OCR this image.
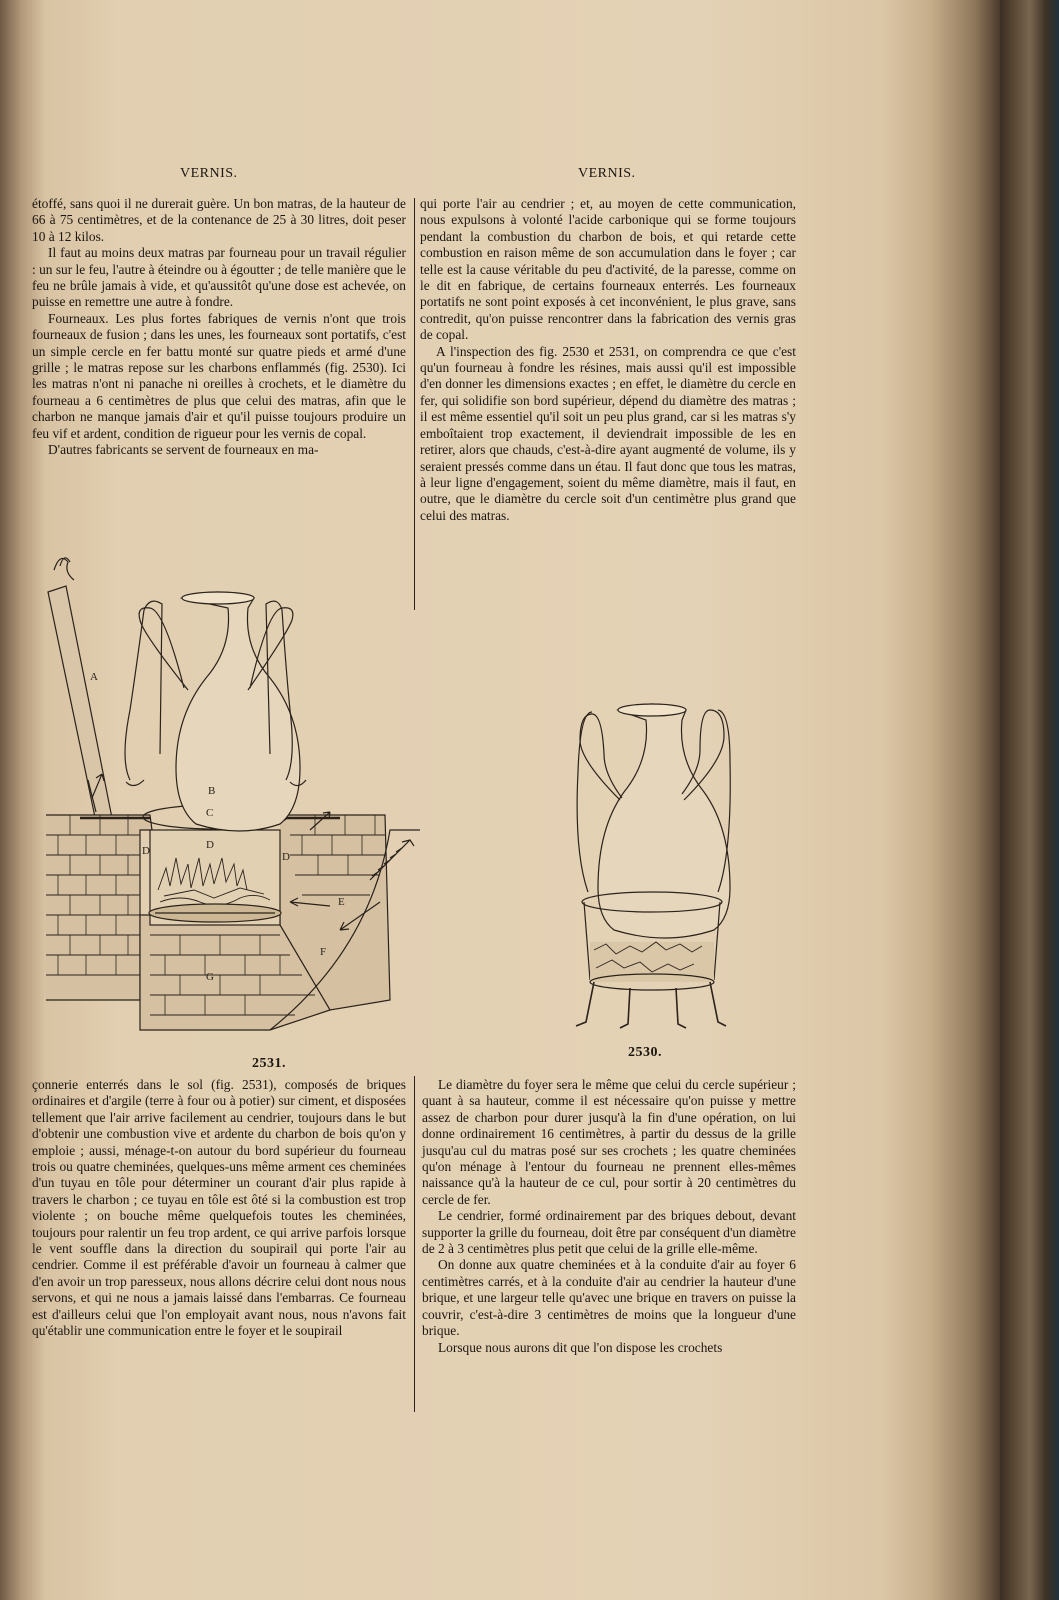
VERNIS.	VERNIS.

étoffé, sans quoi il ne durerait guère. Un bon matras, de la hauteur de 66 à 75 centimètres, et de la contenance de 25 à 30 litres, doit peser 10 à 12 kilos.

Il faut au moins deux matras par fourneau pour un travail régulier : un sur le feu, l'autre à éteindre ou à égoutter ; de telle manière que le feu ne brûle jamais à vide, et qu'aussitôt qu'une dose est achevée, on puisse en remettre une autre à fondre.

Fourneaux. Les plus fortes fabriques de vernis n'ont que trois fourneaux de fusion ; dans les unes, les fourneaux sont portatifs, c'est un simple cercle en fer battu monté sur quatre pieds et armé d'une grille ; le matras repose sur les charbons enflammés (fig. 2530). Ici les matras n'ont ni panache ni oreilles à crochets, et le diamètre du fourneau a 6 centimètres de plus que celui des matras, afin que le charbon ne manque jamais d'air et qu'il puisse toujours produire un feu vif et ardent, condition de rigueur pour les vernis de copal.

D'autres fabricants se servent de fourneaux en ma-

qui porte l'air au cendrier ; et, au moyen de cette communication, nous expulsons à volonté l'acide carbonique qui se forme toujours pendant la combustion du charbon de bois, et qui retarde cette combustion en raison même de son accumulation dans le foyer ; car telle est la cause véritable du peu d'activité, de la paresse, comme on le dit en fabrique, de certains fourneaux enterrés. Les fourneaux portatifs ne sont point exposés à cet inconvénient, le plus grave, sans contredit, qu'on puisse rencontrer dans la fabrication des vernis gras de copal.

A l'inspection des fig. 2530 et 2531, on comprendra ce que c'est qu'un fourneau à fondre les résines, mais aussi qu'il est impossible d'en donner les dimensions exactes ; en effet, le diamètre du cercle en fer, qui solidifie son bord supérieur, dépend du diamètre des matras ; il est même essentiel qu'il soit un peu plus grand, car si les matras s'y emboîtaient trop exactement, il deviendrait impossible de les en retirer, alors que chauds, c'est-à-dire ayant augmenté de volume, ils y seraient pressés comme dans un étau. Il faut donc que tous les matras, à leur ligne d'engagement, soient du même diamètre, mais il faut, en outre, que le diamètre du cercle soit d'un centimètre plus grand que celui des matras.

A
B
C
D	D
D
E
F
G
2531.
2530.

çonnerie enterrés dans le sol (fig. 2531), composés de briques ordinaires et d'argile (terre à four ou à potier) sur ciment, et disposées tellement que l'air arrive facilement au cendrier, toujours dans le but d'obtenir une combustion vive et ardente du charbon de bois qu'on y emploie ; aussi, ménage-t-on autour du bord supérieur du fourneau trois ou quatre cheminées, quelques-uns même arment ces cheminées d'un tuyau en tôle pour déterminer un courant d'air plus rapide à travers le charbon ; ce tuyau en tôle est ôté si la combustion est trop violente ; on bouche même quelquefois toutes les cheminées, toujours pour ralentir un feu trop ardent, ce qui arrive parfois lorsque le vent souffle dans la direction du soupirail qui porte l'air au cendrier. Comme il est préférable d'avoir un fourneau à calmer que d'en avoir un trop paresseux, nous allons décrire celui dont nous nous servons, et qui ne nous a jamais laissé dans l'embarras. Ce fourneau est d'ailleurs celui que l'on employait avant nous, nous n'avons fait qu'établir une communication entre le foyer et le soupirail

Le diamètre du foyer sera le même que celui du cercle supérieur ; quant à sa hauteur, comme il est nécessaire qu'on puisse y mettre assez de charbon pour durer jusqu'à la fin d'une opération, on lui donne ordinairement 16 centimètres, à partir du dessus de la grille jusqu'au cul du matras posé sur ses crochets ; les quatre cheminées qu'on ménage à l'entour du fourneau ne prennent elles-mêmes naissance qu'à la hauteur de ce cul, pour sortir à 20 centimètres du cercle de fer.

Le cendrier, formé ordinairement par des briques debout, devant supporter la grille du fourneau, doit être par conséquent d'un diamètre de 2 à 3 centimètres plus petit que celui de la grille elle-même.

On donne aux quatre cheminées et à la conduite d'air au foyer 6 centimètres carrés, et à la conduite d'air au cendrier la hauteur d'une brique, et une largeur telle qu'avec une brique en travers on puisse la couvrir, c'est-à-dire 3 centimètres de moins que la longueur d'une brique.

Lorsque nous aurons dit que l'on dispose les crochets
